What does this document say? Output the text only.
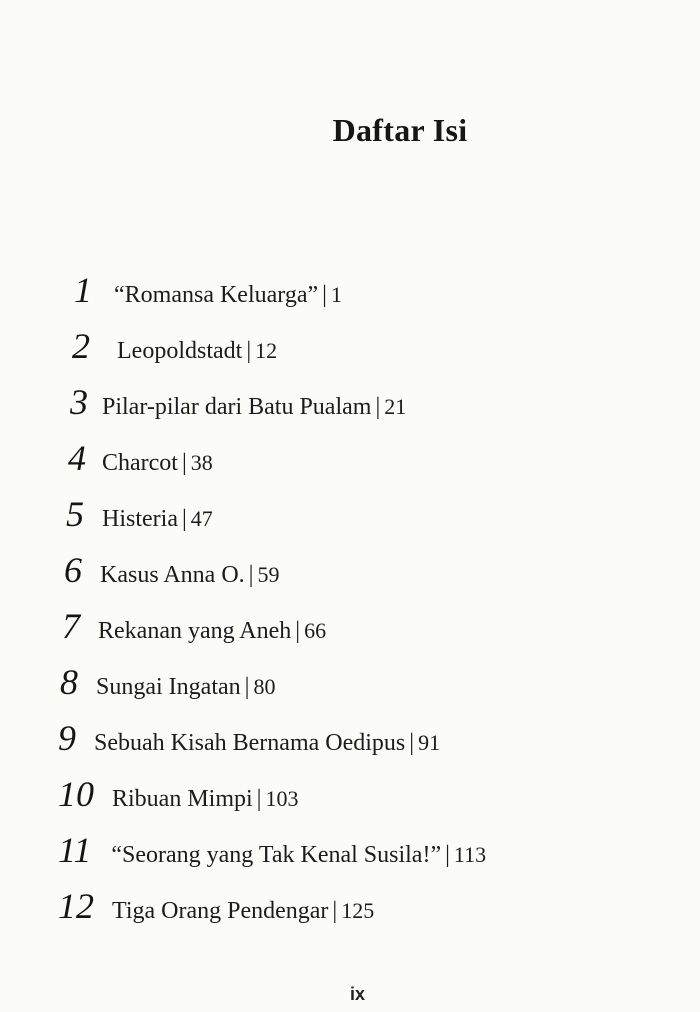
Daftar Isi
1 “Romansa Keluarga” | 1
2 Leopoldstadt | 12
3 Pilar-pilar dari Batu Pualam | 21
4 Charcot | 38
5 Histeria | 47
6 Kasus Anna O. | 59
7 Rekanan yang Aneh | 66
8 Sungai Ingatan | 80
9 Sebuah Kisah Bernama Oedipus | 91
10 Ribuan Mimpi | 103
11 “Seorang yang Tak Kenal Susila!” | 113
12 Tiga Orang Pendengar | 125
ix
